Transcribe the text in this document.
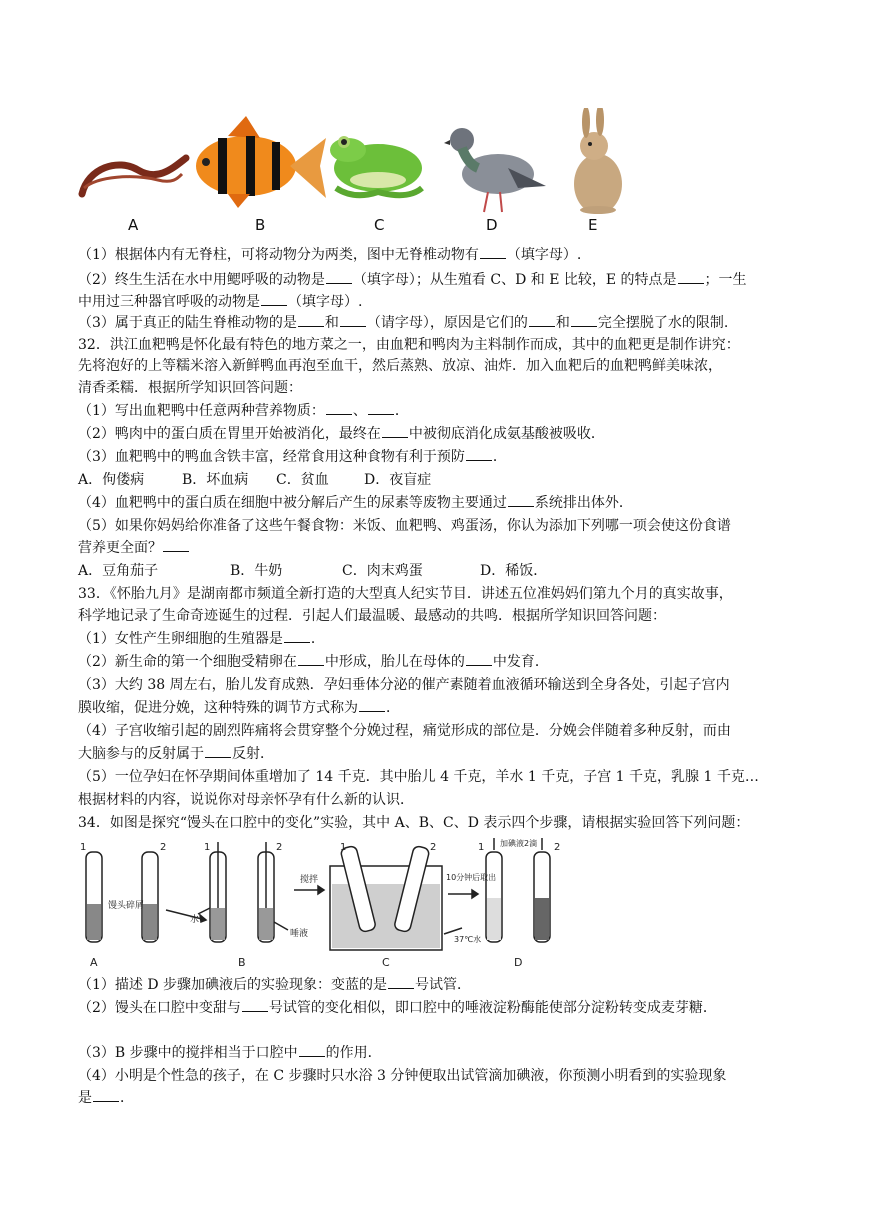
A	B	C	D	E
（1）根据体内有无脊柱，可将动物分为两类，图中无脊椎动物有 （填字母）.
（2）终生生活在水中用鳃呼吸的动物是 （填字母）；从生殖看 C、D 和 E 比较，E 的特点是 ；一生
中用过三种器官呼吸的动物是 （填字母）.
（3）属于真正的陆生脊椎动物的是 和 （请字母），原因是它们的 和 完全摆脱了水的限制.
32．洪江血粑鸭是怀化最有特色的地方菜之一，由血粑和鸭肉为主料制作而成，其中的血粑更是制作讲究：
先将泡好的上等糯米溶入新鲜鸭血再泡至血干，然后蒸熟、放凉、油炸．加入血粑后的血粑鸭鲜美味浓，
清香柔糯．根据所学知识回答问题：
（1）写出血粑鸭中任意两种营养物质： 、 ．
（2）鸭肉中的蛋白质在胃里开始被消化，最终在 中被彻底消化成氨基酸被吸收．
（3）血粑鸭中的鸭血含铁丰富，经常食用这种食物有利于预防 ．
A．佝偻病	B．坏血病 C．贫血	D．夜盲症
（4）血粑鸭中的蛋白质在细胞中被分解后产生的尿素等废物主要通过 系统排出体外．
（5）如果你妈妈给你准备了这些午餐食物：米饭、血粑鸭、鸡蛋汤，你认为添加下列哪一项会使这份食谱
营养更全面？
A．豆角茄子	B．牛奶	C．肉末鸡蛋	D．稀饭．
33．《怀胎九月》是湖南都市频道全新打造的大型真人纪实节目．讲述五位准妈妈们第九个月的真实故事，
科学地记录了生命奇迹诞生的过程．引起人们最温暖、最感动的共鸣．根据所学知识回答问题：
（1）女性产生卵细胞的生殖器是 ．
（2）新生命的第一个细胞受精卵在 中形成，胎儿在母体的 中发育．
（3）大约 38 周左右，胎儿发育成熟．孕妇垂体分泌的催产素随着血液循环输送到全身各处，引起子宫内
膜收缩，促进分娩，这种特殊的调节方式称为 ．
（4）子宫收缩引起的剧烈阵痛将会贯穿整个分娩过程，痛觉形成的部位是．分娩会伴随着多种反射，而由
大脑参与的反射属于 反射．
（5）一位孕妇在怀孕期间体重增加了 14 千克．其中胎儿 4 千克，羊水 1 千克，子宫 1 千克，乳腺 1 千克…
根据材料的内容，说说你对母亲怀孕有什么新的认识．
34．如图是探究“馒头在口腔中的变化”实验，其中 A、B、C、D 表示四个步骤，请根据实验回答下列问题：
1	2	1	2	1	2	1	2
馒头碎屑
水
唾液
搅拌	10分钟后取出
37℃水
加碘液2滴
A	B	C	D
（1）描述 D 步骤加碘液后的实验现象：变蓝的是 号试管．
（2）馒头在口腔中变甜与 号试管的变化相似，即口腔中的唾液淀粉酶能使部分淀粉转变成麦芽糖．
（3）B 步骤中的搅拌相当于口腔中 的作用．
（4）小明是个性急的孩子，在 C 步骤时只水浴 3 分钟便取出试管滴加碘液，你预测小明看到的实验现象
是 ．
